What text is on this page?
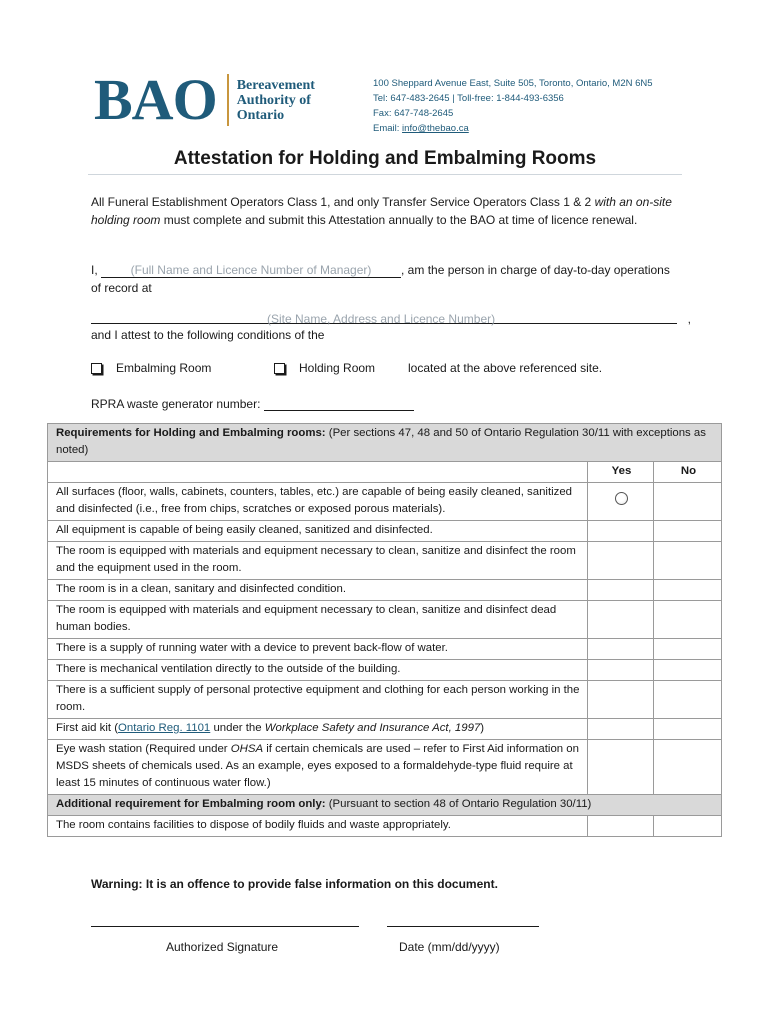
BAO Bereavement
Authority of
Ontario
100 Sheppard Avenue East, Suite 505, Toronto, Ontario, M2N 6N5
Tel: 647-483-2645 | Toll-free: 1-844-493-6356
Fax: 647-748-2645
Email: info@thebao.ca
Attestation for Holding and Embalming Rooms
All Funeral Establishment Operators Class 1, and only Transfer Service Operators Class 1 & 2 with an on-site holding room must complete and submit this Attestation annually to the BAO at time of licence renewal.
I, (Full Name and Licence Number of Manager) , am the person in charge of day-to-day operations
of record at
(Site Name, Address and Licence Number)	,
and I attest to the following conditions of the
Embalming Room	Holding Room	located at the above referenced site.
RPRA waste generator number:
Requirements for Holding and Embalming rooms: (Per sections 47, 48 and 50 of Ontario Regulation 30/11 with exceptions as noted)		
	Yes	No
All surfaces (floor, walls, cabinets, counters, tables, etc.) are capable of being easily cleaned, sanitized and disinfected (i.e., free from chips, scratches or exposed porous materials).		
All equipment is capable of being easily cleaned, sanitized and disinfected.		
The room is equipped with materials and equipment necessary to clean, sanitize and disinfect the room and the equipment used in the room.		
The room is in a clean, sanitary and disinfected condition.		
The room is equipped with materials and equipment necessary to clean, sanitize and disinfect dead human bodies.		
There is a supply of running water with a device to prevent back-flow of water.		
There is mechanical ventilation directly to the outside of the building.		
There is a sufficient supply of personal protective equipment and clothing for each person working in the room.		
First aid kit (Ontario Reg. 1101 under the Workplace Safety and Insurance Act, 1997)		
Eye wash station (Required under OHSA if certain chemicals are used – refer to First Aid information on MSDS sheets of chemicals used. As an example, eyes exposed to a formaldehyde-type fluid require at least 15 minutes of continuous water flow.)		
Additional requirement for Embalming room only: (Pursuant to section 48 of Ontario Regulation 30/11)		
The room contains facilities to dispose of bodily fluids and waste appropriately.		
Warning: It is an offence to provide false information on this document.
Authorized Signature	Date (mm/dd/yyyy)
